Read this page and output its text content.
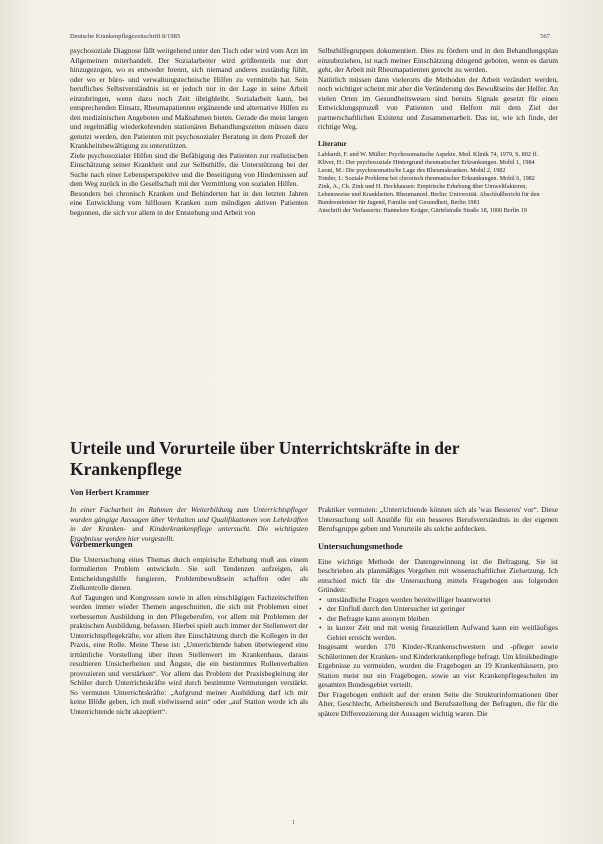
Deutsche Krankenpflegezeitschrift 8/1985	567

psychosoziale Diagnose fällt weitgehend unter den Tisch oder wird vom Arzt im Allgemeinen miterhandelt. Der Sozialarbeiter wird größtenteils nur dort hinzugezogen, wo es entweder brennt, sich niemand anderes zuständig fühlt, oder wo er büro- und verwaltungstechnische Hilfen zu vermitteln hat. Sein berufliches Selbstverständnis ist er jedoch nur in der Lage in seine Arbeit einzubringen, wenn dazu noch Zeit übrigbleibt. Sozialarbeit kann, bei entsprechenden Einsatz, Rheumapatienten ergänzende und alternative Hilfen zu den medizinischen Angeboten und Maßnahmen bieten. Gerade die meist langen und regelmäßig wiederkehrenden stationären Behandlungszeiten müssen dazu genutzt werden, den Patienten mit psychosozialer Beratung in dem Prozeß der Krankheitsbewältigung zu unterstützen.

Ziele psychosozialer Hilfen sind die Befähigung des Patienten zur realistischen Einschätzung seiner Krankheit und zur Selbsthilfe, die Unterstützung bei der Suche nach einer Lebensperspektive und die Beseitigung von Hindernissen auf dem Weg zurück in die Gesellschaft mit der Vermittlung von sozialen Hilfen.

Besonders bei chronisch Kranken und Behinderten hat in den letzten Jahren eine Entwicklung vom hilflosen Kranken zum mündigen aktiven Patienten begonnen, die sich vor allem in der Entstehung und Arbeit von

Selbsthilfegruppen dokumentiert. Dies zu fördern und in den Behandlungsplan einzubeziehen, ist nach meiner Einschätzung dringend geboten, wenn es darum geht, der Arbeit mit Rheumapatienten gerecht zu werden.

Natürlich müssen dann vielerorts die Methoden der Arbeit verändert werden, noch wichtiger scheint mir aber die Veränderung des Bewußtseins der Helfer. An vielen Orten im Gesundheitswesen sind bereits Signale gesetzt für einen Entwicklungsprozeß von Patienten und Helfern mit dem Ziel der partnerschaftlichen Existenz und Zusammenarbeit. Das ist, wie ich finde, der richtige Weg.

Literatur

Labhardt, F. und W. Müller: Psychosomatische Aspekte. Med. Klinik 74, 1979, S. 802 ff.

Kliver, H.: Der psychosoziale Hintergrund rheumatischer Erkrankungen. Mobil 1, 1984

Leoni, M.: Die psychosomatische Lage des Rheumakranken. Mobil 2, 1982

Tonder, I.: Soziale Probleme bei chronisch rheumatischer Erkrankungen. Mobil 6, 1982

Zink, A., Ch. Zink und H. Heckhausen: Empirische Erhebung über Umweltfaktoren, Lebensweise und Krankheiten. Rheumamed. Berlin: Universität. Abschlußbericht für den Bundesminister für Jugend, Familie und Gesundheit, Berlin 1981

Anschrift der Verfasserin: Hannelore Krüger, Gürtelstraße Straße 18, 1000 Berlin 19

Urteile und Vorurteile über Unterrichtskräfte in der Krankenpflege
Von Herbert Krammer
In einer Facharbeit im Rahmen der Weiterbildung zum Unterrichtspfleger wurden gängige Aussagen über Verhalten und Qualifikationen von Lehrkräften in der Kranken- und Kinderkrankenpflege untersucht. Die wichtigsten Ergebnisse werden hier vorgestellt.
Praktiker vermuten: „Unterrichtende können sich als 'was Besseres' vor“. Diese Untersuchung soll Anstöße für ein besseres Berufsverständnis in der eigenen Berufsgruppe geben und Vorurteile als solche aufdecken.
Vorbemerkungen

Die Untersuchung eines Themas durch empirische Erhebung muß aus einem formulierten Problem entwickeln. Sie soll Tendenzen aufzeigen, als Entscheidungshilfe fungieren, Problembewußtsein schaffen oder als Zielkontrolle dienen.

Auf Tagungen und Kongressen sowie in allen einschlägigen Fachzeitschriften werden immer wieder Themen angeschnitten, die sich mit Problemen einer verbesserten Ausbildung in den Pflegeberufen, vor allem mit Problemen der praktischen Ausbildung, befassen. Hierbei spielt auch immer der Stellenwert der Unterrichtspflegekräfte, vor allem ihre Einschätzung durch die Kollegen in der Praxis, eine Rolle. Meine These ist: „Unterrichtende haben überwiegend eine irrtümliche Vorstellung über ihren Stellenwert im Krankenhaus, daraus resultieren Unsicherheiten und Ängste, die ein bestimmtes Rollenverhalten provozieren und verstärken“. Vor allem das Problem der Praxisbegleitung der Schüler durch Unterrichtskräfte wird durch bestimmte Vermutungen verstärkt. So vermuten Unterrichtskräfte: „Aufgrund meiner Ausbildung darf ich mir keine Blöße geben, ich muß vielwissend sein“ oder „auf Station werde ich als Unterrichtende nicht akzeptiert“.

Untersuchungsmethode

Eine wichtige Methode der Datengewinnung ist die Befragung. Sie ist beschrieben als planmäßiges Vorgehen mit wissenschaftlicher Zielsetzung. Ich entschied mich für die Untersuchung mittels Fragebogen aus folgenden Gründen:

• umständliche Fragen werden bereitwilliger beantwortet
• der Einfluß durch den Untersucher ist geringer
• der Befragte kann anonym bleiben
• in kurzer Zeit und mit wenig finanziellem Aufwand kann ein weitläufiges Gebiet erreicht werden.

Insgesamt wurden 170 Kinder-/Krankenschwestern und -pfleger sowie Schülerinnen der Kranken- und Kinderkrankenpflege befragt. Um klinikbedingte Ergebnisse zu vermeiden, wurden die Fragebogen an 19 Krankenhäusern, pro Station meist nur ein Fragebogen, sowie an vier Krankenpflegeschulen im gesamten Bundesgebiet verteilt.

Der Fragebogen enthielt auf der ersten Seite die Strukturinformationen über Alter, Geschlecht, Arbeitsbereich und Berufsstellung der Befragten, die für die spätere Differenzierung der Aussagen wichtig waren. Die

1
